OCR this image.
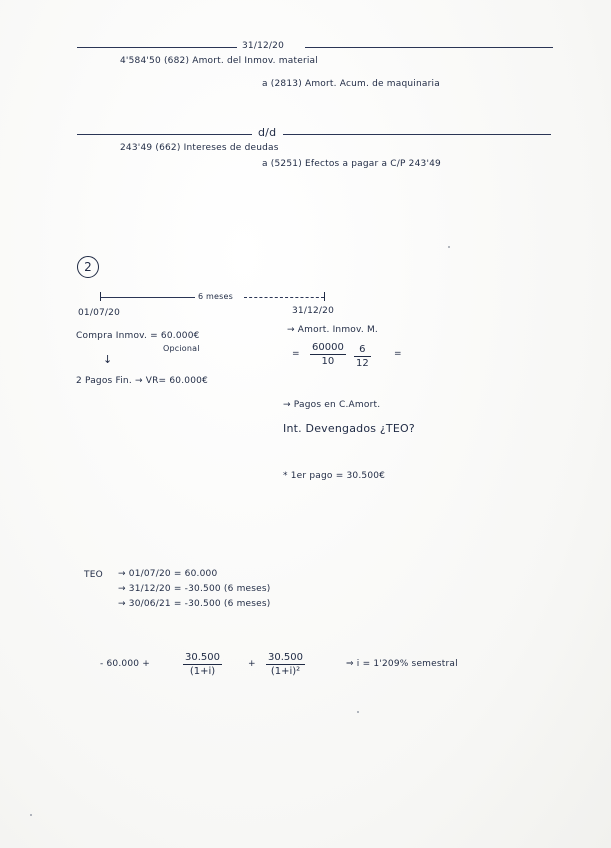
31/12/20
4'584'50 (682) Amort. del Inmov. material
a (2813) Amort. Acum. de maquinaria
d/d
243'49 (662) Intereses de deudas
a (5251) Efectos a pagar a C/P 243'49
2
6 meses
01/07/20	31/12/20
Compra Inmov. = 60.000€
Opcional
↓
2 Pagos Fin. → VR= 60.000€
→ Amort. Inmov. M.
=
60000
10
6
12
=
→ Pagos en C.Amort.
Int. Devengados ¿TEO?
* 1er pago = 30.500€
TEO → 01/07/20 = 60.000
→ 31/12/20 = -30.500 (6 meses)
→ 30/06/21 = -30.500 (6 meses)
- 60.000 +
30.500
(1+i)
+
30.500
(1+i)²
⇒ i = 1'209% semestral
